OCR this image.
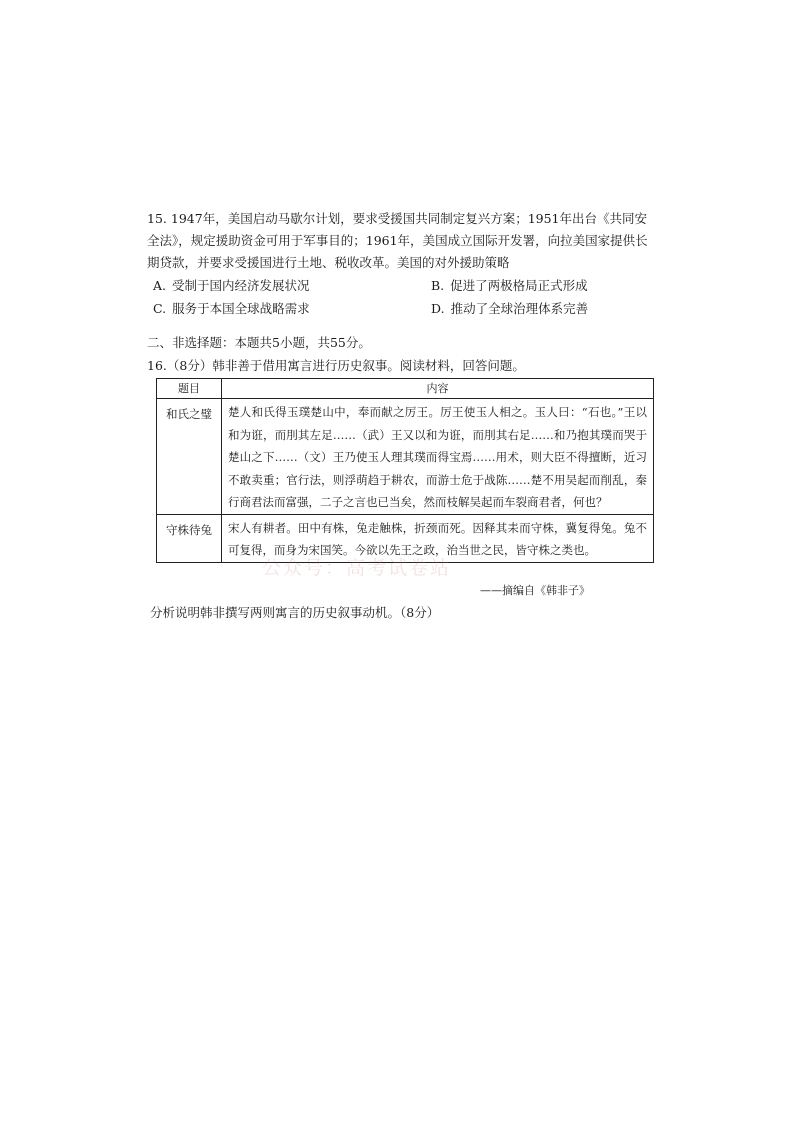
15. 1947年，美国启动马歇尔计划，要求受援国共同制定复兴方案；1951年出台《共同安全法》，规定援助资金可用于军事目的；1961年，美国成立国际开发署，向拉美国家提供长期贷款，并要求受援国进行土地、税收改革。美国的对外援助策略

A. 受制于国内经济发展状况	B. 促进了两极格局正式形成
C. 服务于本国全球战略需求	D. 推动了全球治理体系完善
二、非选择题：本题共5小题，共55分。
16.（8分）韩非善于借用寓言进行历史叙事。阅读材料，回答问题。
题目	内容
和氏之璧	楚人和氏得玉璞楚山中，奉而献之厉王。厉王使玉人相之。玉人曰：“石也。”王以和为诳，而刖其左足……（武）王又以和为诳，而刖其右足……和乃抱其璞而哭于楚山之下……（文）王乃使玉人理其璞而得宝焉……用术，则大臣不得擅断，近习不敢卖重；官行法，则浮萌趋于耕农，而游士危于战陈……楚不用吴起而削乱，秦行商君法而富强，二子之言也已当矣，然而枝解吴起而车裂商君者，何也？
守株待兔	宋人有耕者。田中有株，兔走触株，折颈而死。因释其耒而守株，冀复得兔。兔不可复得，而身为宋国笑。今欲以先王之政，治当世之民，皆守株之类也。
公众号：高考试卷站
——摘编自《韩非子》
分析说明韩非撰写两则寓言的历史叙事动机。（8分）
